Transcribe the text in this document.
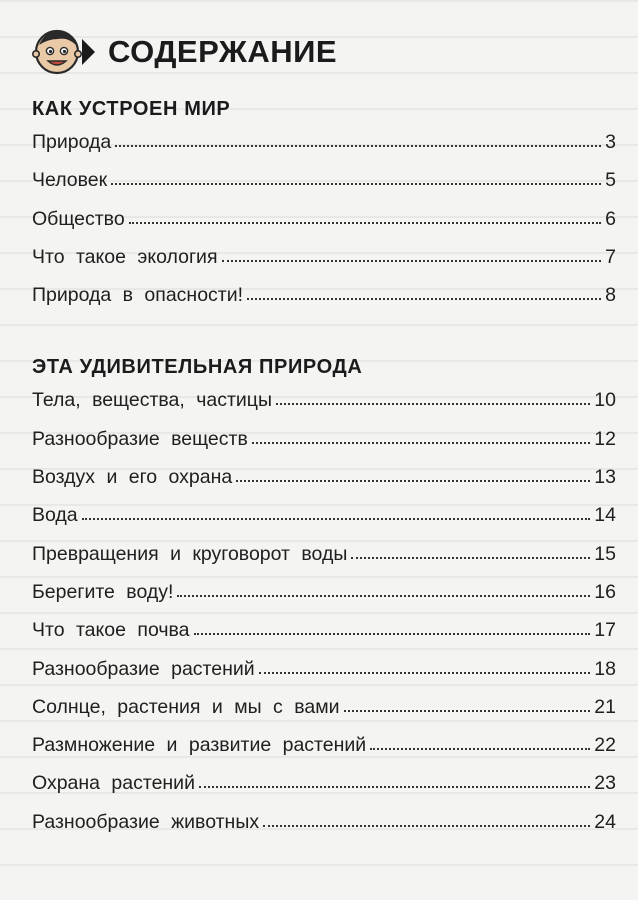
СОДЕРЖАНИЕ
КАК УСТРОЕН МИР
Природа	3
Человек	5
Общество	6
Что такое экология	7
Природа в опасности!	8
ЭТА УДИВИТЕЛЬНАЯ ПРИРОДА
Тела, вещества, частицы	10
Разнообразие веществ	12
Воздух и его охрана	13
Вода	14
Превращения и круговорот воды	15
Берегите воду!	16
Что такое почва	17
Разнообразие растений	18
Солнце, растения и мы с вами	21
Размножение и развитие растений	22
Охрана растений	23
Разнообразие животных	24
